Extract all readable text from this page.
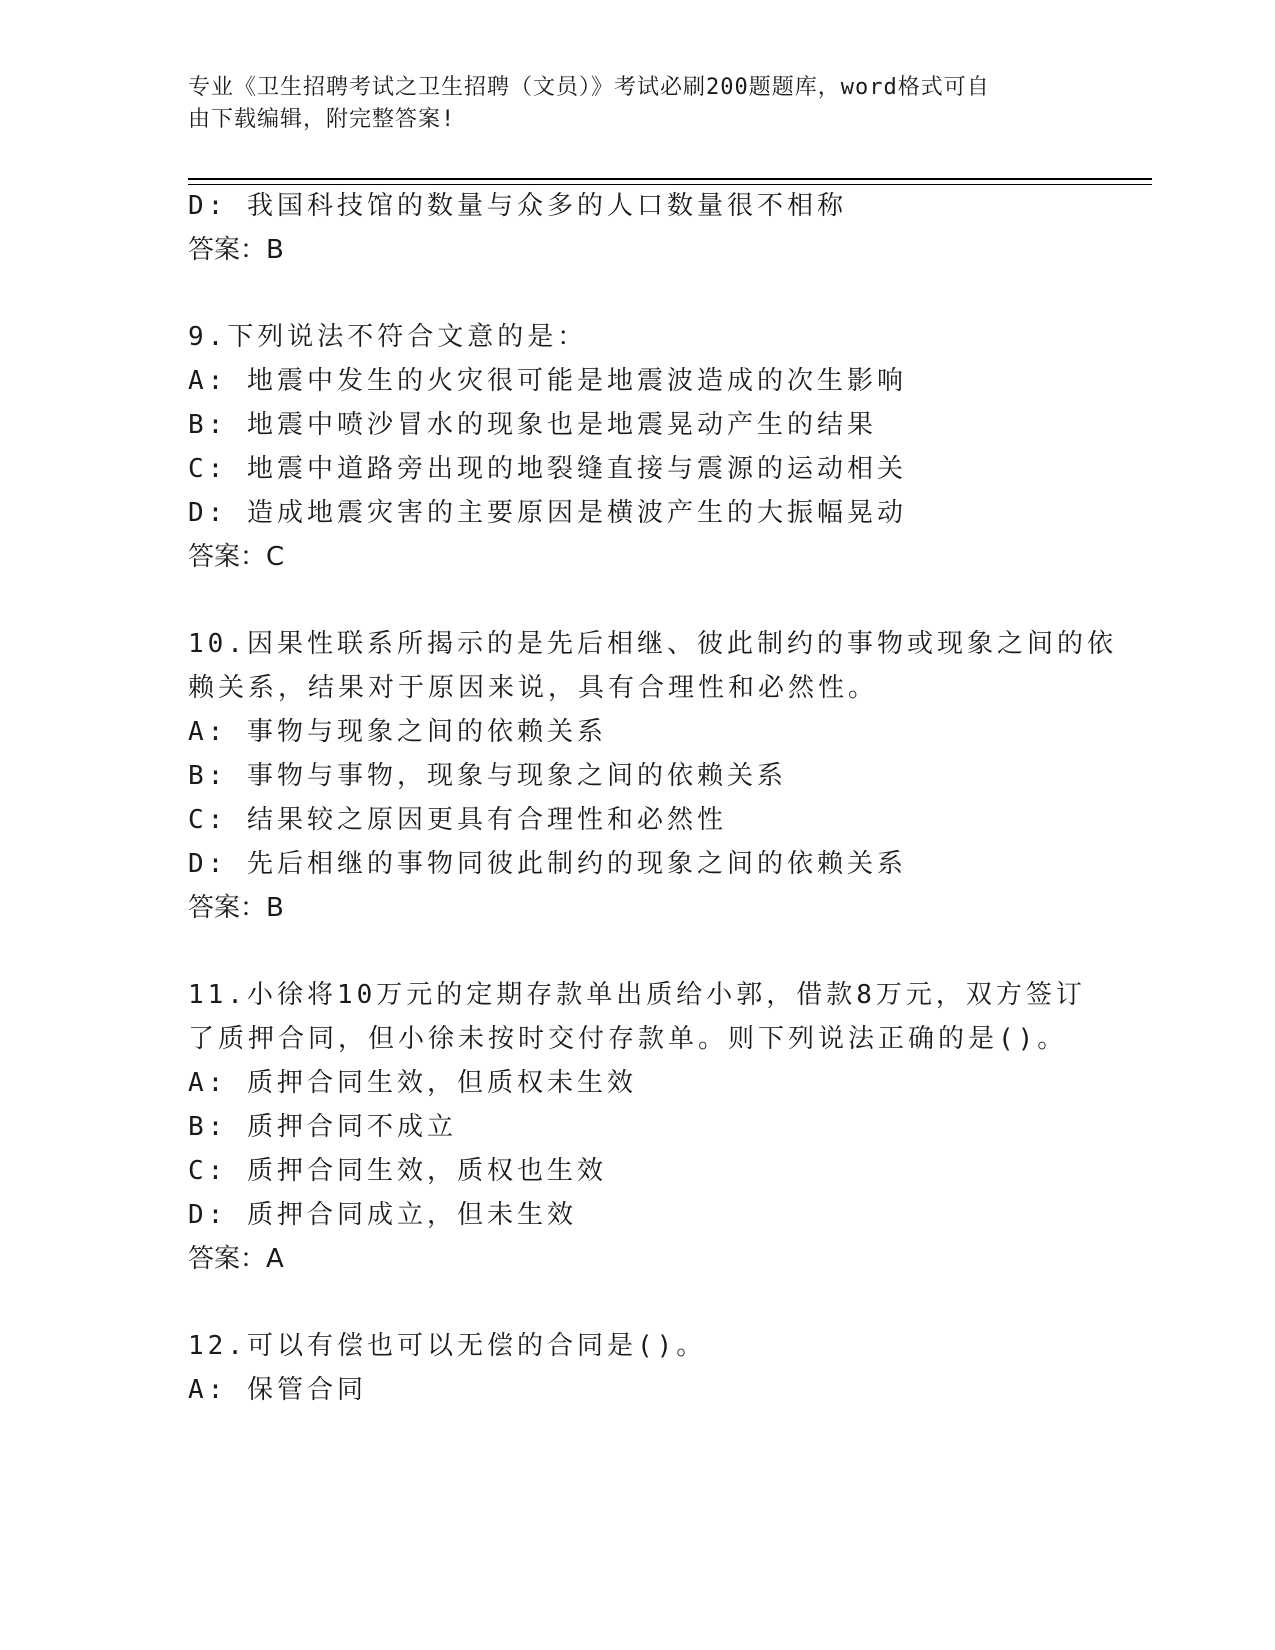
专业《卫生招聘考试之卫生招聘（文员）》考试必刷200题题库，word格式可自
由下载编辑，附完整答案!
D: 我国科技馆的数量与众多的人口数量很不相称
答案：B
9.下列说法不符合文意的是：
A: 地震中发生的火灾很可能是地震波造成的次生影响
B: 地震中喷沙冒水的现象也是地震晃动产生的结果
C: 地震中道路旁出现的地裂缝直接与震源的运动相关
D: 造成地震灾害的主要原因是横波产生的大振幅晃动
答案：C
10.因果性联系所揭示的是先后相继、彼此制约的事物或现象之间的依
赖关系，结果对于原因来说，具有合理性和必然性。
A: 事物与现象之间的依赖关系
B: 事物与事物，现象与现象之间的依赖关系
C: 结果较之原因更具有合理性和必然性
D: 先后相继的事物同彼此制约的现象之间的依赖关系
答案：B
11.小徐将10万元的定期存款单出质给小郭，借款8万元，双方签订
了质押合同，但小徐未按时交付存款单。则下列说法正确的是()。
A: 质押合同生效，但质权未生效
B: 质押合同不成立
C: 质押合同生效，质权也生效
D: 质押合同成立，但未生效
答案：A
12.可以有偿也可以无偿的合同是()。
A: 保管合同
